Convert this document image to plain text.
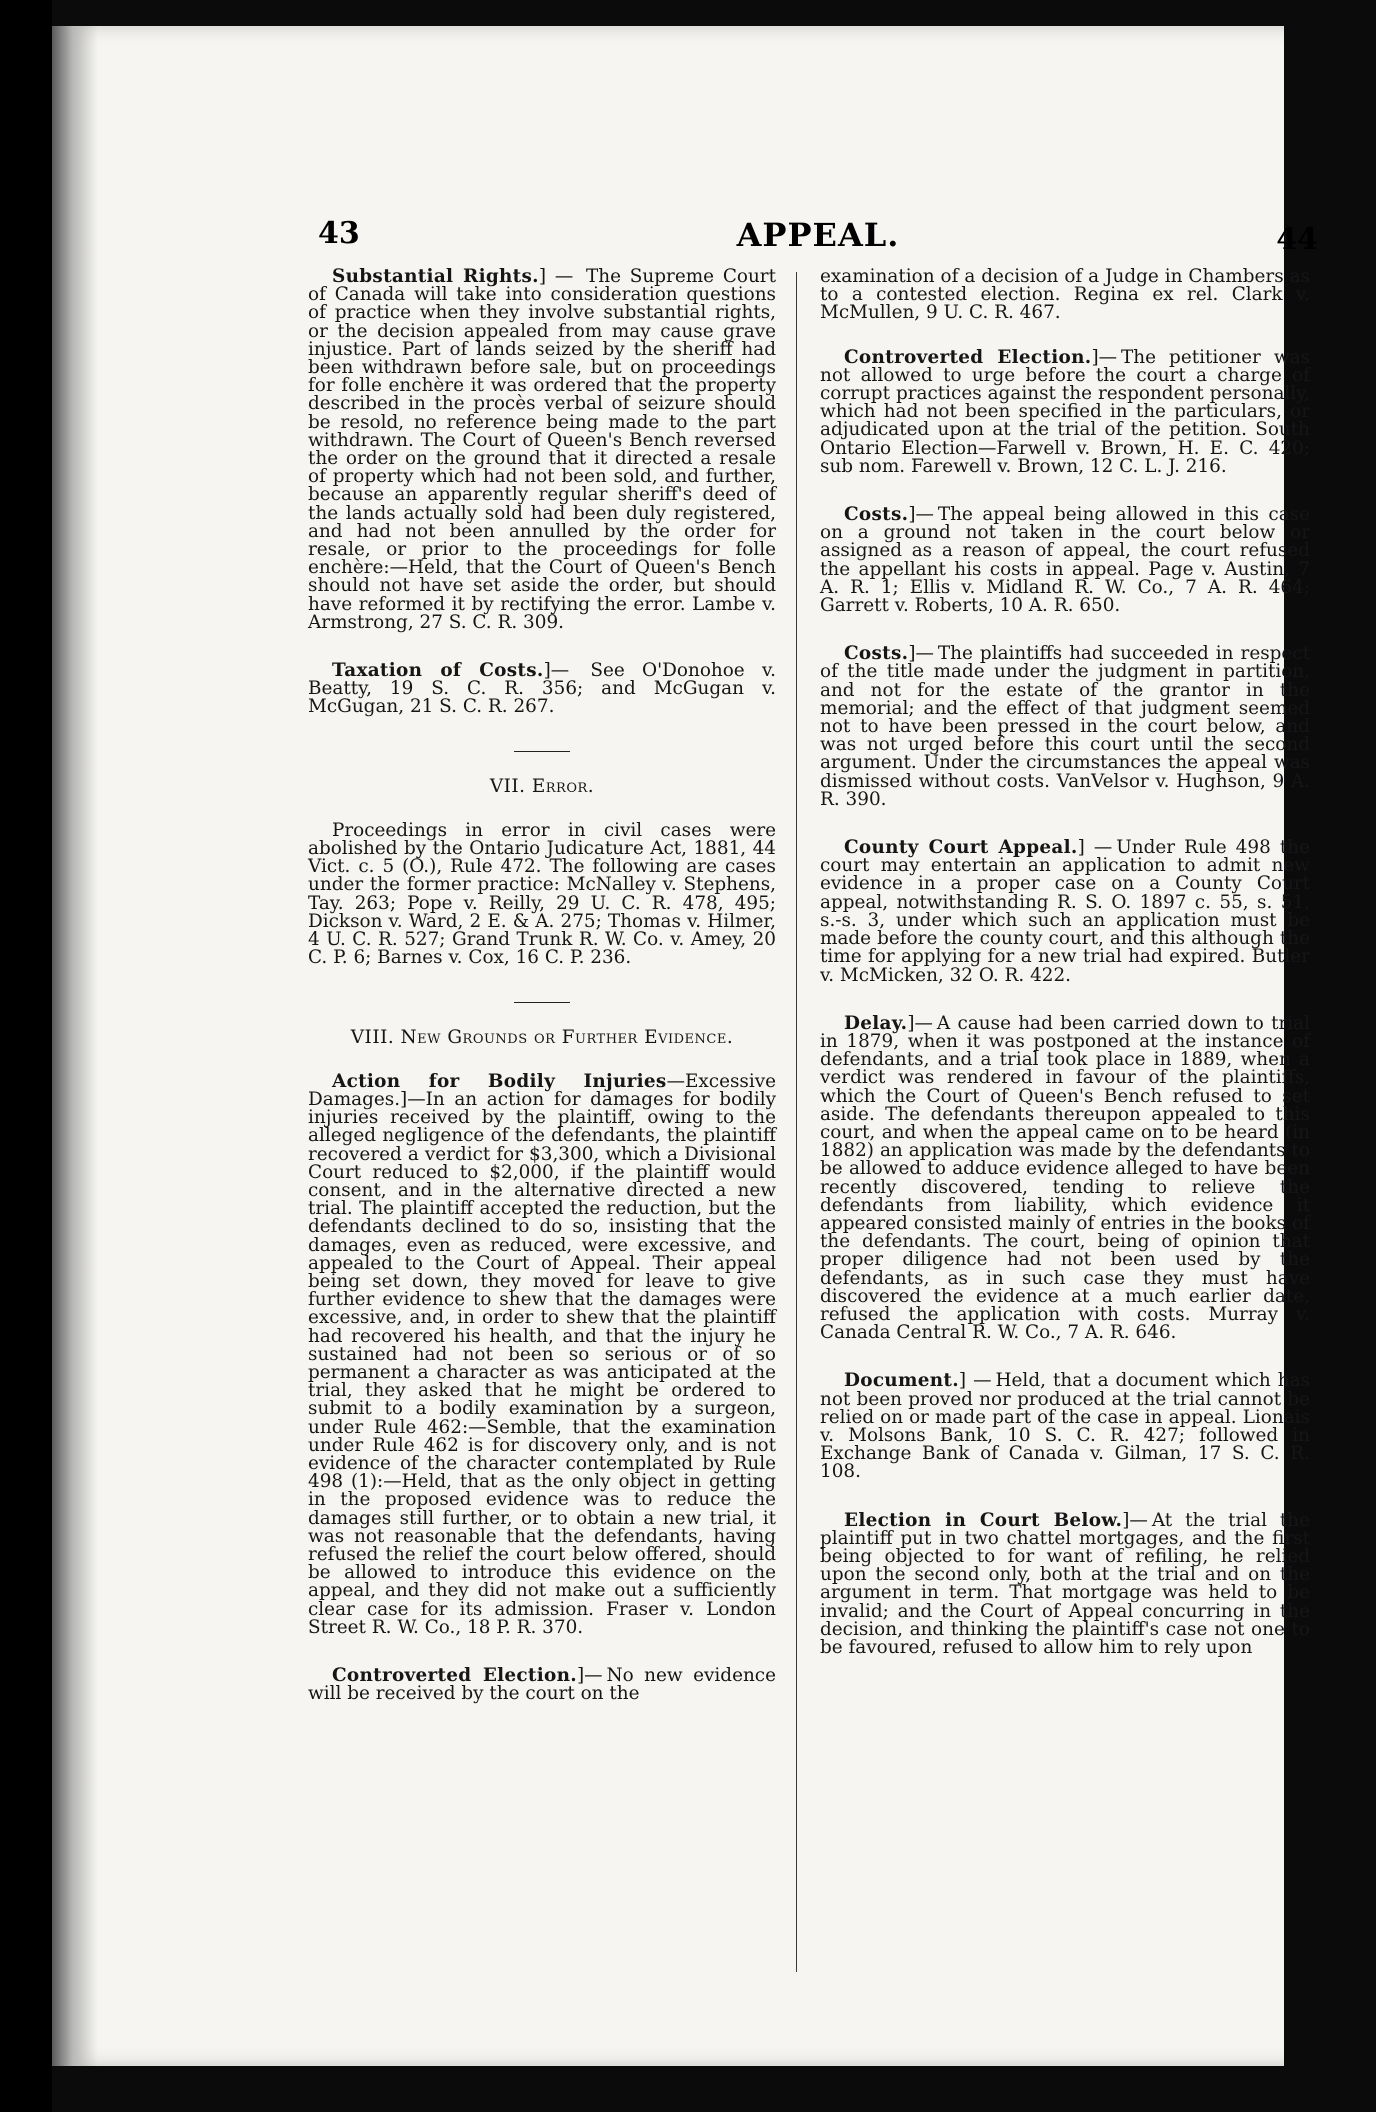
43	APPEAL.	44

Substantial Rights.] — The Supreme Court of Canada will take into consideration questions of practice when they involve substantial rights, or the decision appealed from may cause grave injustice. Part of lands seized by the sheriff had been withdrawn before sale, but on proceedings for folle enchère it was ordered that the property described in the procès verbal of seizure should be resold, no reference being made to the part withdrawn. The Court of Queen's Bench reversed the order on the ground that it directed a resale of property which had not been sold, and further, because an apparently regular sheriff's deed of the lands actually sold had been duly registered, and had not been annulled by the order for resale, or prior to the proceedings for folle enchère:—Held, that the Court of Queen's Bench should not have set aside the order, but should have reformed it by rectifying the error. Lambe v. Armstrong, 27 S. C. R. 309.

Taxation of Costs.]— See O'Donohoe v. Beatty, 19 S. C. R. 356; and McGugan v. McGugan, 21 S. C. R. 267.

VII. Error.

Proceedings in error in civil cases were abolished by the Ontario Judicature Act, 1881, 44 Vict. c. 5 (O.), Rule 472. The following are cases under the former practice: McNalley v. Stephens, Tay. 263; Pope v. Reilly, 29 U. C. R. 478, 495; Dickson v. Ward, 2 E. & A. 275; Thomas v. Hilmer, 4 U. C. R. 527; Grand Trunk R. W. Co. v. Amey, 20 C. P. 6; Barnes v. Cox, 16 C. P. 236.

VIII. New Grounds or Further Evidence.

Action for Bodily Injuries—Excessive Damages.]—In an action for damages for bodily injuries received by the plaintiff, owing to the alleged negligence of the defendants, the plaintiff recovered a verdict for $3,300, which a Divisional Court reduced to $2,000, if the plaintiff would consent, and in the alternative directed a new trial. The plaintiff accepted the reduction, but the defendants declined to do so, insisting that the damages, even as reduced, were excessive, and appealed to the Court of Appeal. Their appeal being set down, they moved for leave to give further evidence to shew that the damages were excessive, and, in order to shew that the plaintiff had recovered his health, and that the injury he sustained had not been so serious or of so permanent a character as was anticipated at the trial, they asked that he might be ordered to submit to a bodily examination by a surgeon, under Rule 462:—Semble, that the examination under Rule 462 is for discovery only, and is not evidence of the character contemplated by Rule 498 (1):—Held, that as the only object in getting in the proposed evidence was to reduce the damages still further, or to obtain a new trial, it was not reasonable that the defendants, having refused the relief the court below offered, should be allowed to introduce this evidence on the appeal, and they did not make out a sufficiently clear case for its admission. Fraser v. London Street R. W. Co., 18 P. R. 370.

Controverted Election.]— No new evidence will be received by the court on the

examination of a decision of a Judge in Chambers as to a contested election. Regina ex rel. Clark v. McMullen, 9 U. C. R. 467.

Controverted Election.]— The petitioner was not allowed to urge before the court a charge of corrupt practices against the respondent personally, which had not been specified in the particulars, or adjudicated upon at the trial of the petition. South Ontario Election—Farwell v. Brown, H. E. C. 420; sub nom. Farewell v. Brown, 12 C. L. J. 216.

Costs.]— The appeal being allowed in this case on a ground not taken in the court below or assigned as a reason of appeal, the court refused the appellant his costs in appeal. Page v. Austin, 7 A. R. 1; Ellis v. Midland R. W. Co., 7 A. R. 464; Garrett v. Roberts, 10 A. R. 650.

Costs.]— The plaintiffs had succeeded in respect of the title made under the judgment in partition, and not for the estate of the grantor in the memorial; and the effect of that judgment seemed not to have been pressed in the court below, and was not urged before this court until the second argument. Under the circumstances the appeal was dismissed without costs. VanVelsor v. Hughson, 9 A. R. 390.

County Court Appeal.] — Under Rule 498 the court may entertain an application to admit new evidence in a proper case on a County Court appeal, notwithstanding R. S. O. 1897 c. 55, s. 51, s.-s. 3, under which such an application must be made before the county court, and this although the time for applying for a new trial had expired. Butler v. McMicken, 32 O. R. 422.

Delay.]— A cause had been carried down to trial in 1879, when it was postponed at the instance of defendants, and a trial took place in 1889, when a verdict was rendered in favour of the plaintiffs, which the Court of Queen's Bench refused to set aside. The defendants thereupon appealed to this court, and when the appeal came on to be heard (in 1882) an application was made by the defendants to be allowed to adduce evidence alleged to have been recently discovered, tending to relieve the defendants from liability, which evidence it appeared consisted mainly of entries in the books of the defendants. The court, being of opinion that proper diligence had not been used by the defendants, as in such case they must have discovered the evidence at a much earlier date, refused the application with costs. Murray v. Canada Central R. W. Co., 7 A. R. 646.

Document.] — Held, that a document which has not been proved nor produced at the trial cannot be relied on or made part of the case in appeal. Lionais v. Molsons Bank, 10 S. C. R. 427; followed in Exchange Bank of Canada v. Gilman, 17 S. C. R. 108.

Election in Court Below.]— At the trial the plaintiff put in two chattel mortgages, and the first being objected to for want of refiling, he relied upon the second only, both at the trial and on the argument in term. That mortgage was held to be invalid; and the Court of Appeal concurring in the decision, and thinking the plaintiff's case not one to be favoured, refused to allow him to rely upon
